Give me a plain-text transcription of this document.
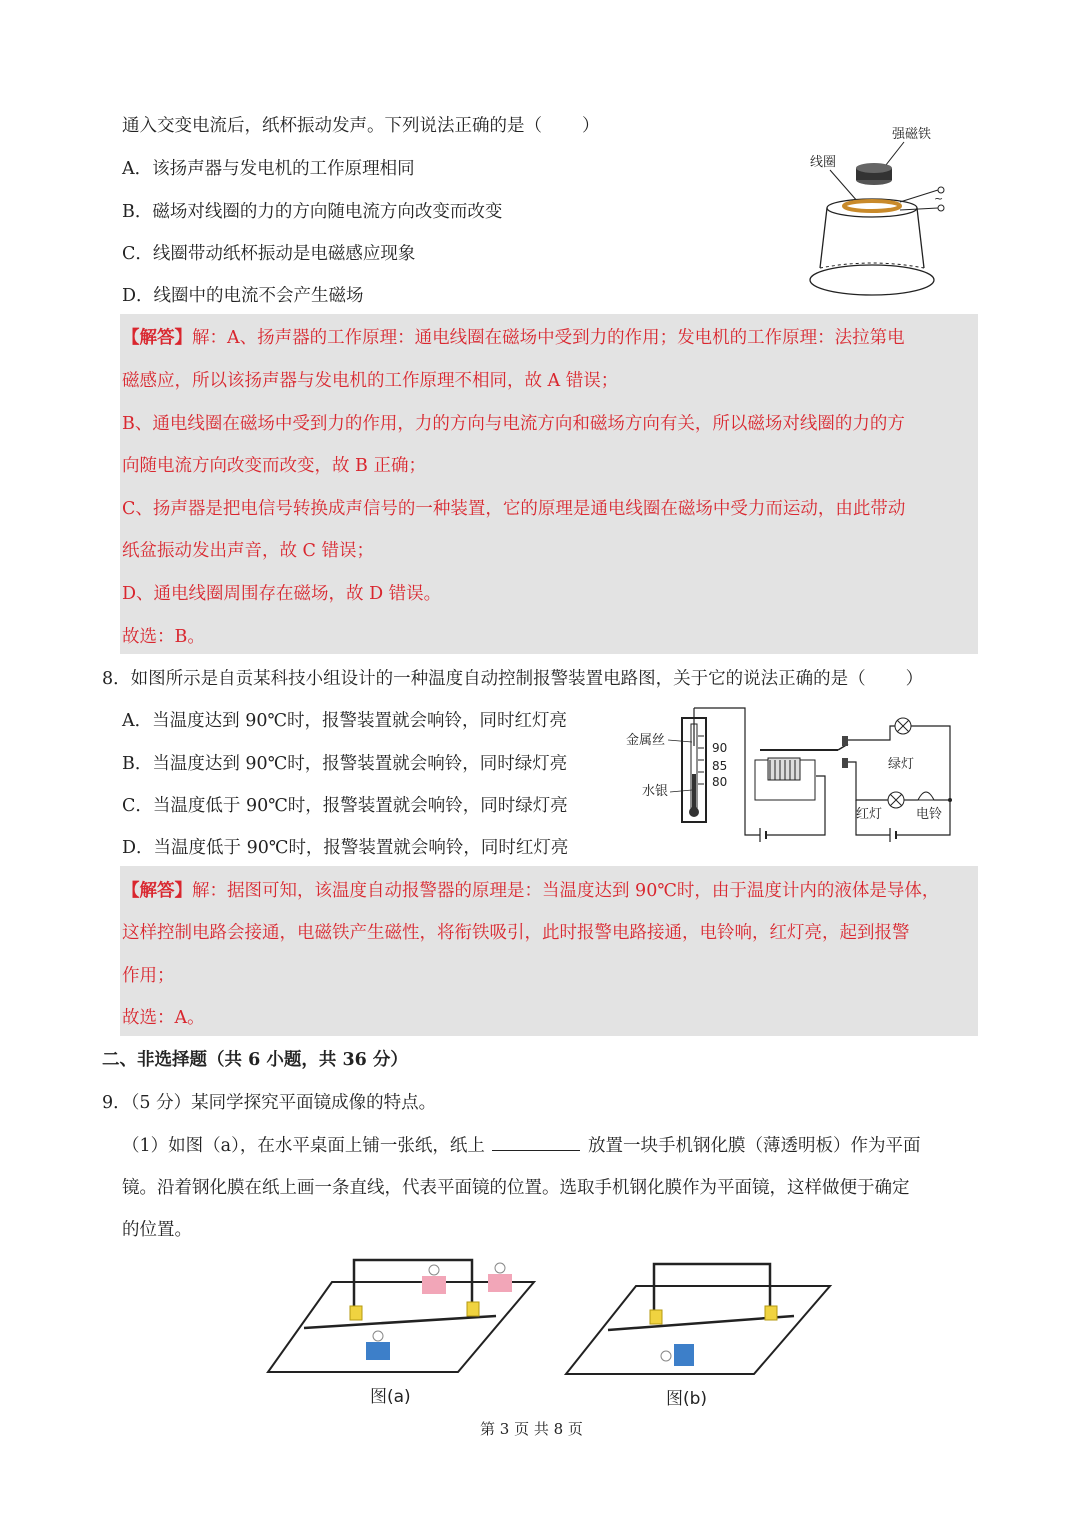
通入交变电流后，纸杯振动发声。下列说法正确的是（ ）
A．该扬声器与发电机的工作原理相同
B．磁场对线圈的力的方向随电流方向改变而改变
C．线圈带动纸杯振动是电磁感应现象
D．线圈中的电流不会产生磁场
强磁铁
线圈
~
【解答】解：A、扬声器的工作原理：通电线圈在磁场中受到力的作用；发电机的工作原理：法拉第电
磁感应，所以该扬声器与发电机的工作原理不相同，故 A 错误；
B、通电线圈在磁场中受到力的作用，力的方向与电流方向和磁场方向有关，所以磁场对线圈的力的方
向随电流方向改变而改变，故 B 正确；
C、扬声器是把电信号转换成声信号的一种装置，它的原理是通电线圈在磁场中受力而运动，由此带动
纸盆振动发出声音，故 C 错误；
D、通电线圈周围存在磁场，故 D 错误。
故选：B。
8．如图所示是自贡某科技小组设计的一种温度自动控制报警装置电路图，关于它的说法正确的是（ ）
A．当温度达到 90℃时，报警装置就会响铃，同时红灯亮
B．当温度达到 90℃时，报警装置就会响铃，同时绿灯亮
C．当温度低于 90℃时，报警装置就会响铃，同时绿灯亮
D．当温度低于 90℃时，报警装置就会响铃，同时红灯亮
90
85
80
金属丝
水银
绿灯
红灯	电铃
【解答】解：据图可知，该温度自动报警器的原理是：当温度达到 90℃时，由于温度计内的液体是导体，
这样控制电路会接通，电磁铁产生磁性，将衔铁吸引，此时报警电路接通，电铃响，红灯亮，起到报警
作用；
故选：A。
二、非选择题（共 6 小题，共 36 分）
9．（5 分）某同学探究平面镜成像的特点。
（1）如图（a），在水平桌面上铺一张纸，纸上	放置一块手机钢化膜（薄透明板）作为平面
镜。沿着钢化膜在纸上画一条直线，代表平面镜的位置。选取手机钢化膜作为平面镜，这样做便于确定
的位置。
图(a)	图(b)
第 3 页 共 8 页
